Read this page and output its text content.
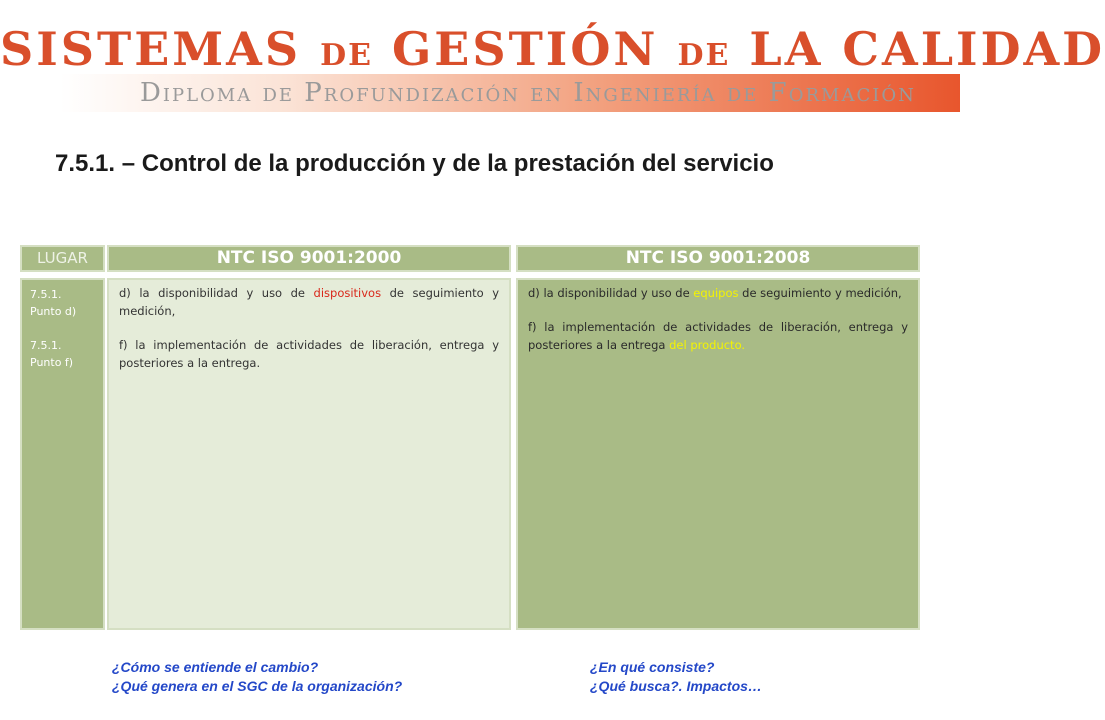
SISTEMAS DE GESTIÓN DE LA CALIDAD
Diploma de Profundización en Ingeniería de Formación
7.5.1. – Control de la producción y de la prestación del servicio
LUGAR	NTC ISO 9001:2000	NTC ISO 9001:2008
7.5.1.
Punto d)
7.5.1.
Punto f)

d) la disponibilidad y uso de dispositivos de seguimiento y medición,

f) la implementación de actividades de liberación, entrega y posteriores a la entrega.

d) la disponibilidad y uso de equipos de seguimiento y medición,

f) la implementación de actividades de liberación, entrega y posteriores a la entrega del producto.

¿Cómo se entiende el cambio?
¿Qué genera en el SGC de la organización?
¿En qué consiste?
¿Qué busca?. Impactos…
